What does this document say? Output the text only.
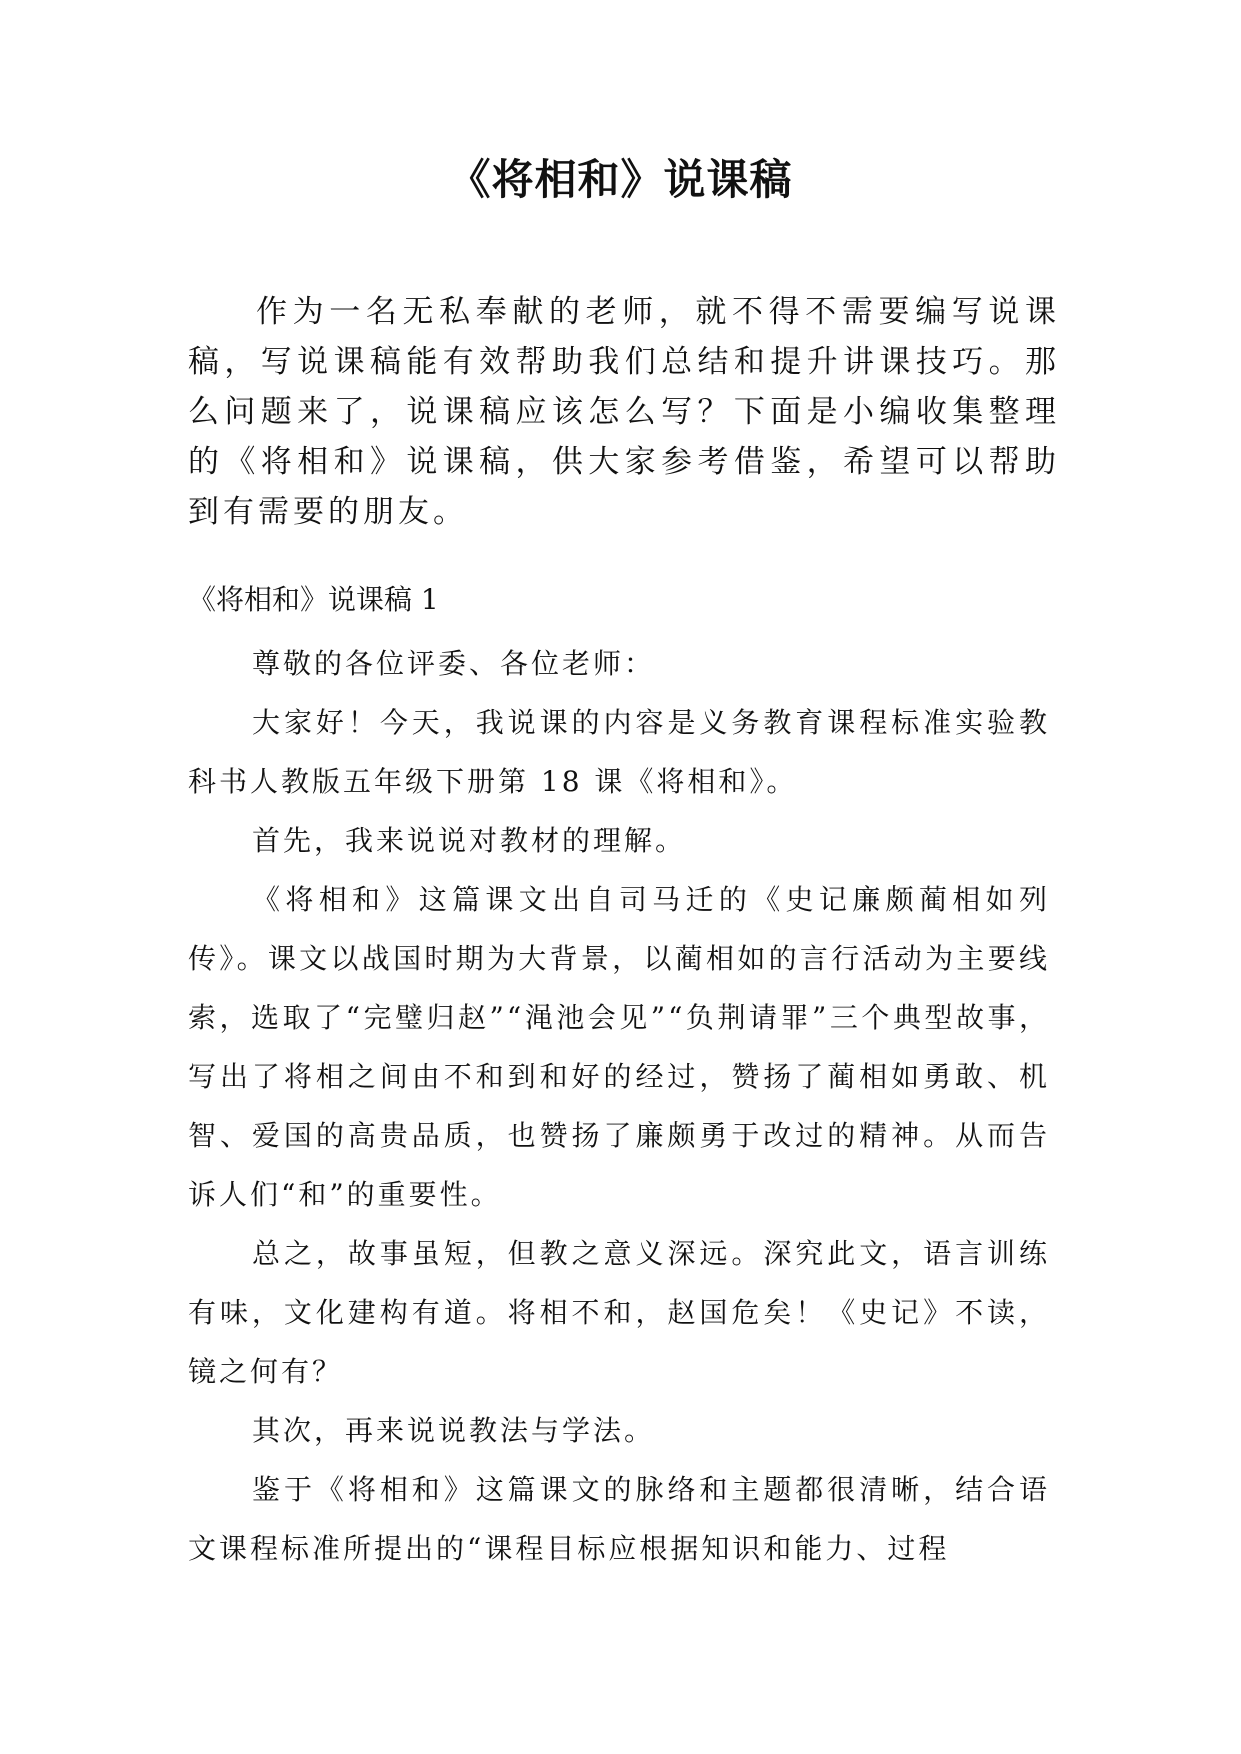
《将相和》说课稿

作为一名无私奉献的老师，就不得不需要编写说课稿，写说课稿能有效帮助我们总结和提升讲课技巧。那么问题来了，说课稿应该怎么写？下面是小编收集整理的《将相和》说课稿，供大家参考借鉴，希望可以帮助到有需要的朋友。

《将相和》说课稿 1

尊敬的各位评委、各位老师：

大家好！今天，我说课的内容是义务教育课程标准实验教科书人教版五年级下册第 18 课《将相和》。

首先，我来说说对教材的理解。

《将相和》这篇课文出自司马迁的《史记廉颇蔺相如列传》。课文以战国时期为大背景，以蔺相如的言行活动为主要线索，选取了“完璧归赵”“渑池会见”“负荆请罪”三个典型故事，写出了将相之间由不和到和好的经过，赞扬了蔺相如勇敢、机智、爱国的高贵品质，也赞扬了廉颇勇于改过的精神。从而告诉人们“和”的重要性。

总之，故事虽短，但教之意义深远。深究此文，语言训练有味，文化建构有道。将相不和，赵国危矣！《史记》不读，镜之何有？

其次，再来说说教法与学法。

鉴于《将相和》这篇课文的脉络和主题都很清晰，结合语文课程标准所提出的“课程目标应根据知识和能力、过程
